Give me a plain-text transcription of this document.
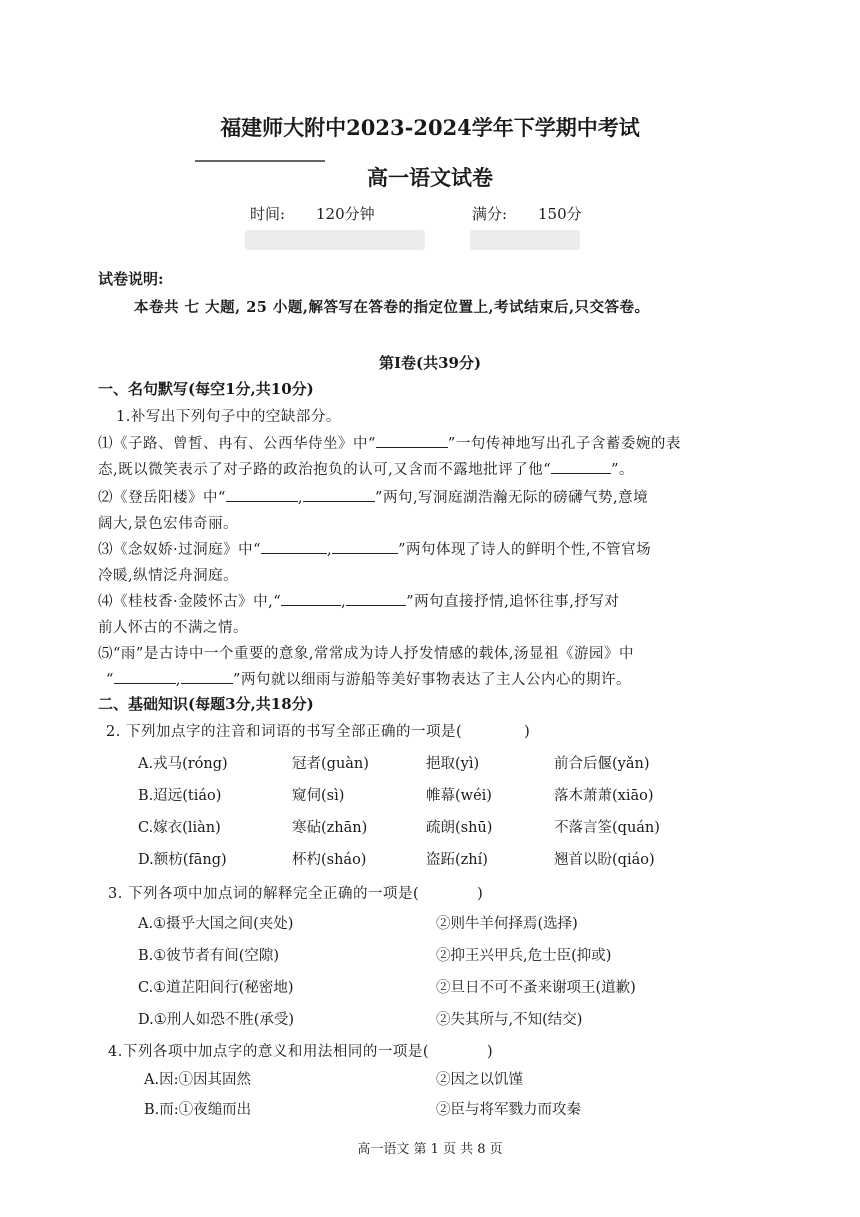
福建师大附中2023-2024学年下学期中考试
高一语文试卷
时间: 120分钟	满分: 150分
试卷说明:
本卷共 七 大题, 25 小题,解答写在答卷的指定位置上,考试结束后,只交答卷。
第Ⅰ卷(共39分)
一、名句默写(每空1分,共10分)
1.补写出下列句子中的空缺部分。
⑴《子路、曾皙、冉有、公西华侍坐》中“	”一句传神地写出孔子含蓄委婉的表
态,既以微笑表示了对子路的政治抱负的认可,又含而不露地批评了他“	”。
⑵《登岳阳楼》中“	,	”两句,写洞庭湖浩瀚无际的磅礴气势,意境
阔大,景色宏伟奇丽。
⑶《念奴娇·过洞庭》中“	,	”两句体现了诗人的鲜明个性,不管官场
冷暖,纵情泛舟洞庭。
⑷《桂枝香·金陵怀古》中,“	,	”两句直接抒情,追怀往事,抒写对
前人怀古的不满之情。
⑸“雨”是古诗中一个重要的意象,常常成为诗人抒发情感的载体,汤显祖《游园》中
“	,	”两句就以细雨与游船等美好事物表达了主人公内心的期许。
二、基础知识(每题3分,共18分)
2. 下列加点字的注音和词语的书写全部正确的一项是(	)
A.戎马(róng)	冠者(guàn)	挹取(yì)	前合后偃(yǎn)
B.迢远(tiáo)	窥伺(sì)	帷幕(wéi)	落木萧萧(xiāo)
C.嫁衣(liàn)	寒砧(zhān)	疏朗(shū)	不落言筌(quán)
D.额枋(fāng)	杯杓(sháo)	盗跖(zhí)	翘首以盼(qiáo)
3. 下列各项中加点词的解释完全正确的一项是(	)
A.①摄乎大国之间(夹处)	②则牛羊何择焉(选择)
B.①彼节者有间(空隙)	②抑王兴甲兵,危士臣(抑或)
C.①道芷阳间行(秘密地)	②旦日不可不蚤来谢项王(道歉)
D.①刑人如恐不胜(承受)	②失其所与,不知(结交)
4.下列各项中加点字的意义和用法相同的一项是(	)
A.因:①因其固然	②因之以饥馑
B.而:①夜缒而出	②臣与将军戮力而攻秦
高一语文 第 1 页 共 8 页
